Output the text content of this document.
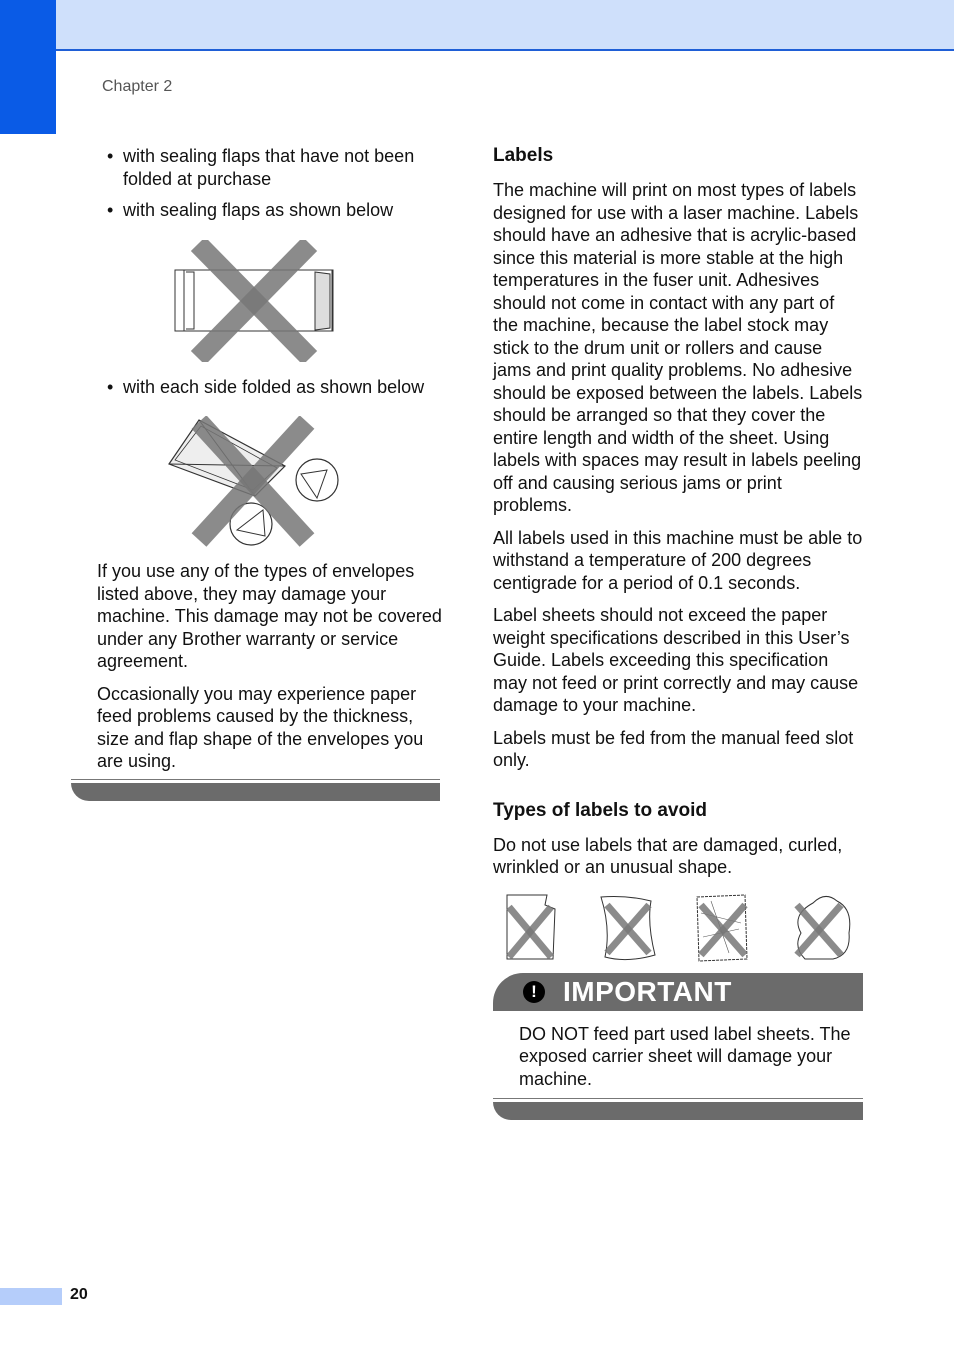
Chapter 2
• with sealing flaps that have not been folded at purchase
• with sealing flaps as shown below
• with each side folded as shown below

If you use any of the types of envelopes listed above, they may damage your machine. This damage may not be covered under any Brother warranty or service agreement.

Occasionally you may experience paper feed problems caused by the thickness, size and flap shape of the envelopes you are using.

Labels

The machine will print on most types of labels designed for use with a laser machine. Labels should have an adhesive that is acrylic-based since this material is more stable at the high temperatures in the fuser unit. Adhesives should not come in contact with any part of the machine, because the label stock may stick to the drum unit or rollers and cause jams and print quality problems. No adhesive should be exposed between the labels. Labels should be arranged so that they cover the entire length and width of the sheet. Using labels with spaces may result in labels peeling off and causing serious jams or print problems.

All labels used in this machine must be able to withstand a temperature of 200 degrees centigrade for a period of 0.1 seconds.

Label sheets should not exceed the paper weight specifications described in this User’s Guide. Labels exceeding this specification may not feed or print correctly and may cause damage to your machine.

Labels must be fed from the manual feed slot only.

Types of labels to avoid

Do not use labels that are damaged, curled, wrinkled or an unusual shape.

! IMPORTANT

DO NOT feed part used label sheets. The exposed carrier sheet will damage your machine.

20
